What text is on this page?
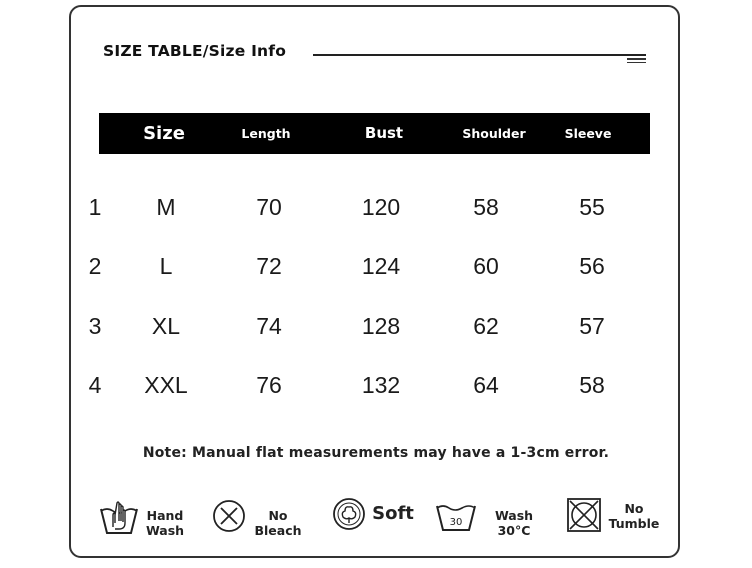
SIZE TABLE/Size Info
Size	Length	Bust	Shoulder	Sleeve
1	M	70	120	58	55
2	L	72	124	60	56
3	XL	74	128	62	57
4	XXL	76	132	64	58
Note: Manual flat measurements may have a 1-3cm error.
Hand
Wash
No
Bleach
Soft	30	Wash
30°C
No
Tumble
